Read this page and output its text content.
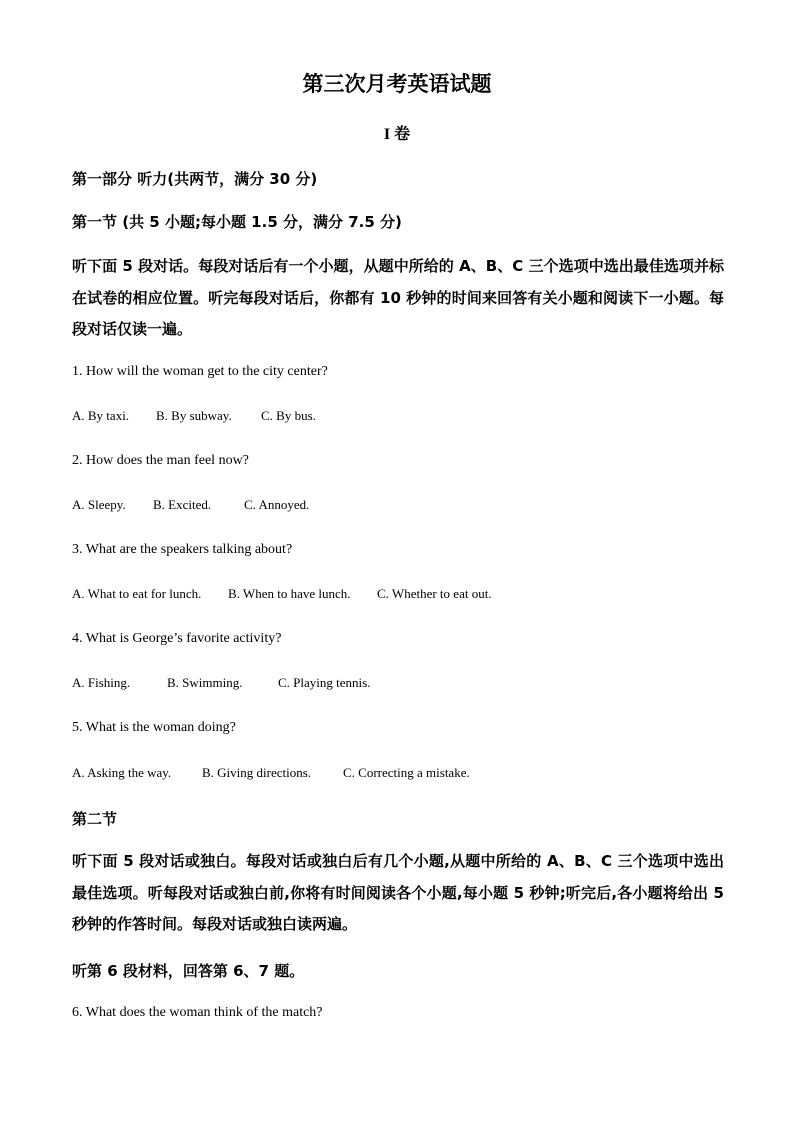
第三次月考英语试题
I 卷
第一部分 听力(共两节，满分 30 分)
第一节 (共 5 小题;每小题 1.5 分，满分 7.5 分)
听下面 5 段对话。每段对话后有一个小题，从题中所给的 A、B、C 三个选项中选出最佳选项并标在试卷的相应位置。听完每段对话后，你都有 10 秒钟的时间来回答有关小题和阅读下一小题。每段对话仅读一遍。
1. How will the woman get to the city center?
A. By taxi.	B. By subway.	C. By bus.
2. How does the man feel now?
A. Sleepy.	B. Excited.	C. Annoyed.
3. What are the speakers talking about?
A. What to eat for lunch.	B. When to have lunch.	C. Whether to eat out.
4. What is George’s favorite activity?
A. Fishing.	B. Swimming.	C. Playing tennis.
5. What is the woman doing?
A. Asking the way.	B. Giving directions.	C. Correcting a mistake.
第二节
听下面 5 段对话或独白。每段对话或独白后有几个小题,从题中所给的 A、B、C 三个选项中选出最佳选项。听每段对话或独白前,你将有时间阅读各个小题,每小题 5 秒钟;听完后,各小题将给出 5 秒钟的作答时间。每段对话或独白读两遍。
听第 6 段材料，回答第 6、7 题。
6. What does the woman think of the match?
